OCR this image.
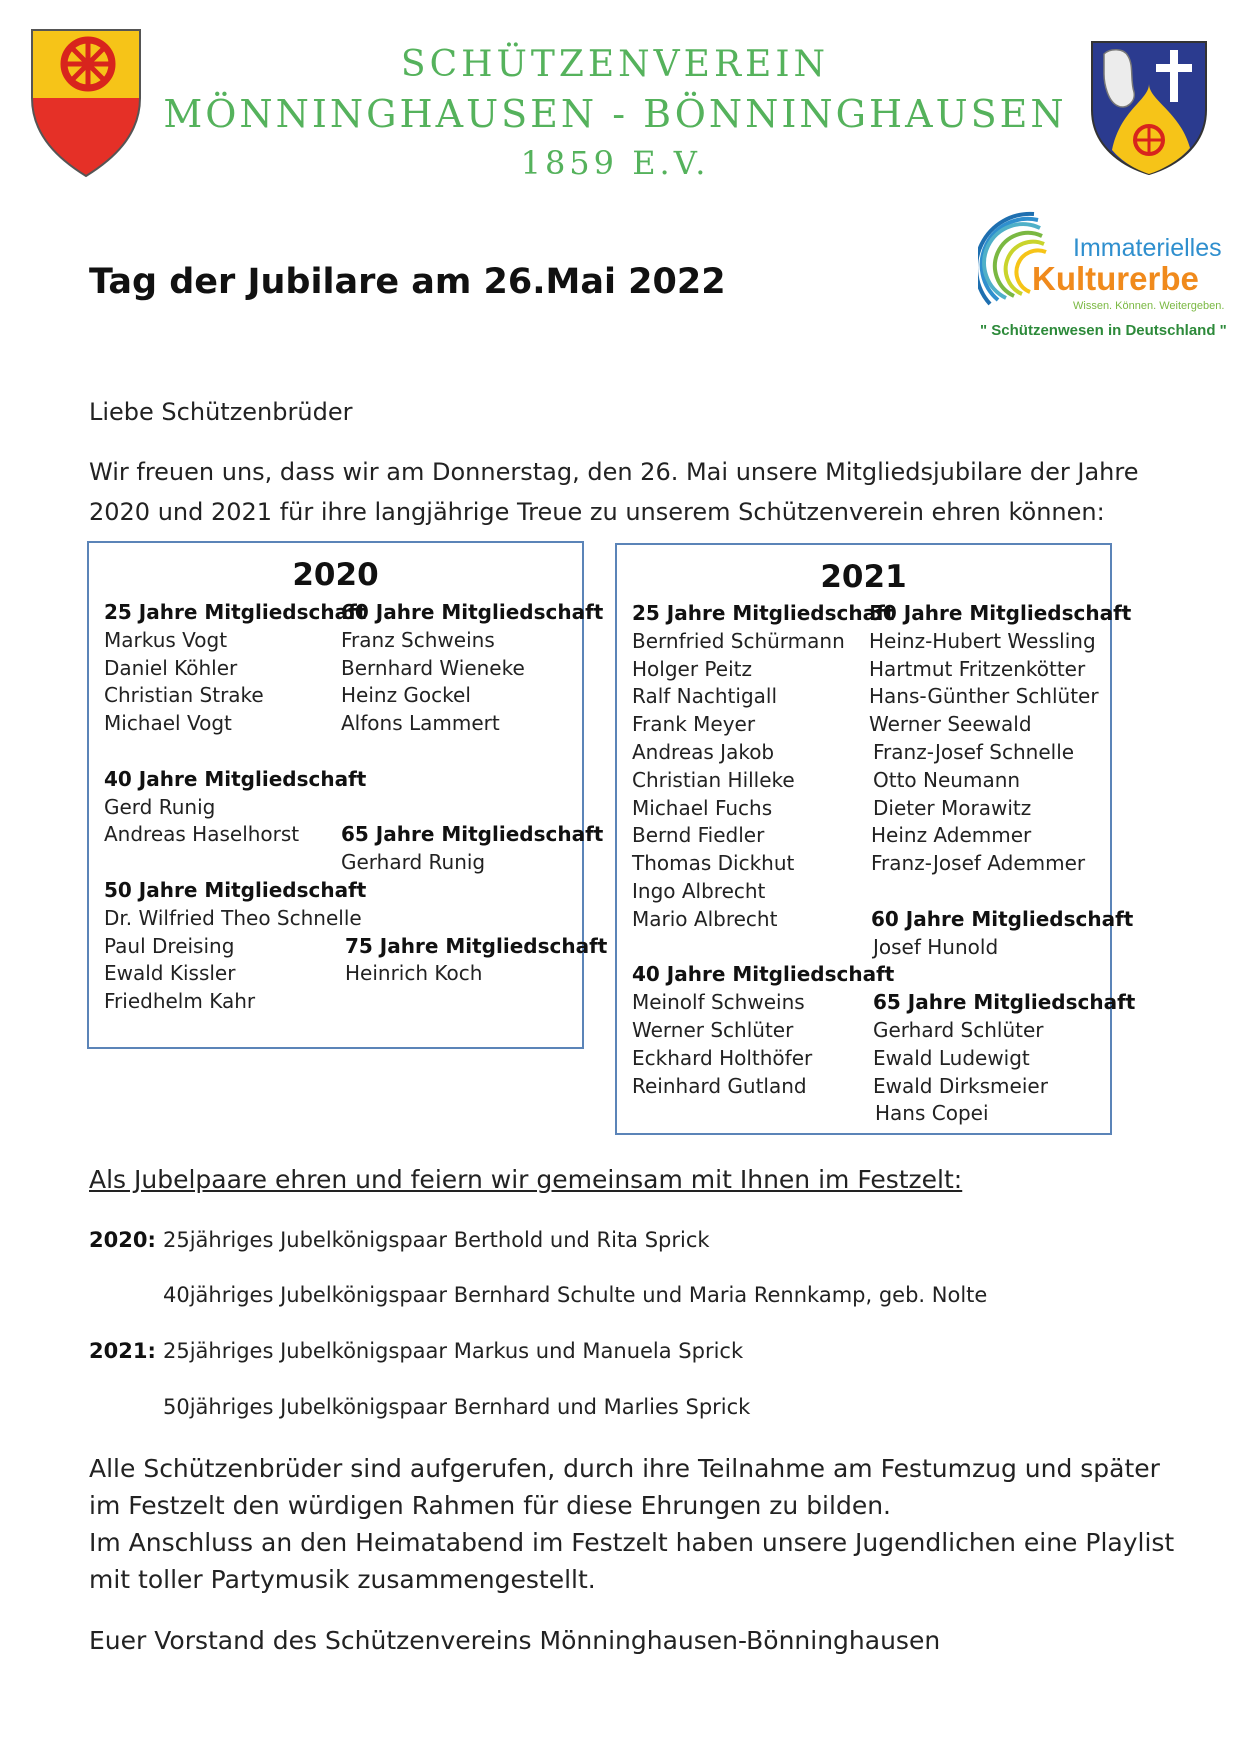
SCHÜTZENVEREIN
MÖNNINGHAUSEN - BÖNNINGHAUSEN
1859 E.V.
Immaterielles
Kulturerbe
Wissen. Können. Weitergeben.
" Schützenwesen in Deutschland "
Tag der Jubilare am 26.Mai 2022
Liebe Schützenbrüder
Wir freuen uns, dass wir am Donnerstag, den 26. Mai unsere Mitgliedsjubilare der Jahre 2020 und 2021 für ihre langjährige Treue zu unserem Schützenverein ehren können:
2020
25 Jahre Mitgliedschaft
Markus Vogt
Daniel Köhler
Christian Strake
Michael Vogt
40 Jahre Mitgliedschaft
Gerd Runig
Andreas Haselhorst
50 Jahre Mitgliedschaft
Dr. Wilfried Theo Schnelle
Paul Dreising
Ewald Kissler
Friedhelm Kahr
60 Jahre Mitgliedschaft
Franz Schweins
Bernhard Wieneke
Heinz Gockel
Alfons Lammert
65 Jahre Mitgliedschaft
Gerhard Runig
75 Jahre Mitgliedschaft
Heinrich Koch
2021
25 Jahre Mitgliedschaft
Bernfried Schürmann
Holger Peitz
Ralf Nachtigall
Frank Meyer
Andreas Jakob
Christian Hilleke
Michael Fuchs
Bernd Fiedler
Thomas Dickhut
Ingo Albrecht
Mario Albrecht
40 Jahre Mitgliedschaft
Meinolf Schweins
Werner Schlüter
Eckhard Holthöfer
Reinhard Gutland
50 Jahre Mitgliedschaft
Heinz-Hubert Wessling
Hartmut Fritzenkötter
Hans-Günther Schlüter
Werner Seewald
Franz-Josef Schnelle
Otto Neumann
Dieter Morawitz
Heinz Ademmer
Franz-Josef Ademmer
60 Jahre Mitgliedschaft
Josef Hunold
65 Jahre Mitgliedschaft
Gerhard Schlüter
Ewald Ludewigt
Ewald Dirksmeier
Hans Copei
Als Jubelpaare ehren und feiern wir gemeinsam mit Ihnen im Festzelt:
2020: 25jähriges Jubelkönigspaar Berthold und Rita Sprick
40jähriges Jubelkönigspaar Bernhard Schulte und Maria Rennkamp, geb. Nolte
2021: 25jähriges Jubelkönigspaar Markus und Manuela Sprick
50jähriges Jubelkönigspaar Bernhard und Marlies Sprick
Alle Schützenbrüder sind aufgerufen, durch ihre Teilnahme am Festumzug und später im Festzelt den würdigen Rahmen für diese Ehrungen zu bilden.
Im Anschluss an den Heimatabend im Festzelt haben unsere Jugendlichen eine Playlist mit toller Partymusik zusammengestellt.
Euer Vorstand des Schützenvereins Mönninghausen-Bönninghausen
